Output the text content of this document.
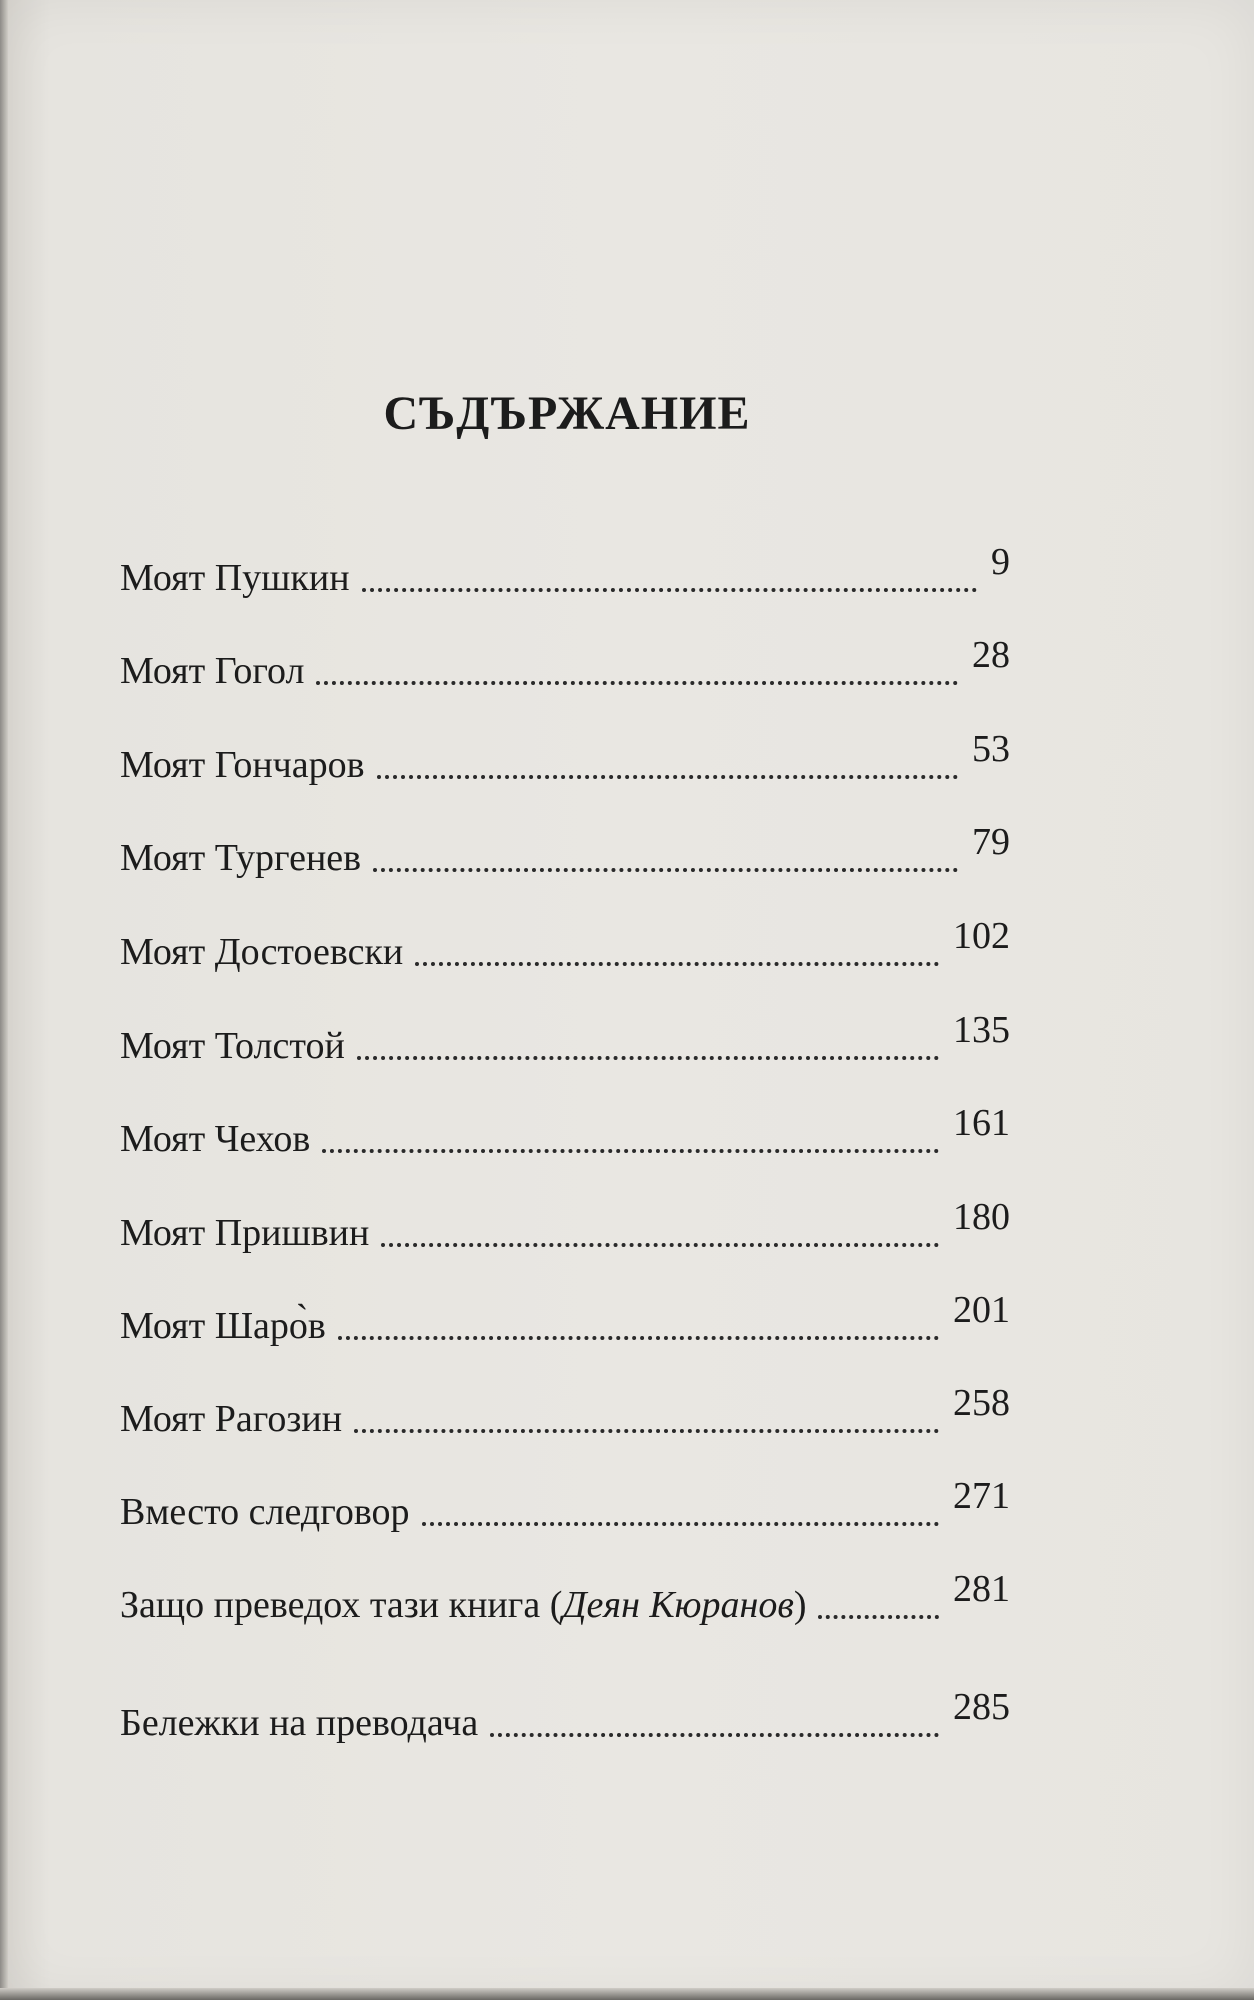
СЪДЪРЖАНИЕ
Моят Пушкин	9
Моят Гогол	28
Моят Гончаров	53
Моят Тургенев	79
Моят Достоевски	102
Моят Толстой	135
Моят Чехов	161
Моят Пришвин	180
Моят Шаро̀в	201
Моят Рагозин	258
Вместо следговор	271
Защо преведох тази книга (Деян Кюранов)	281
Бележки на преводача	285
